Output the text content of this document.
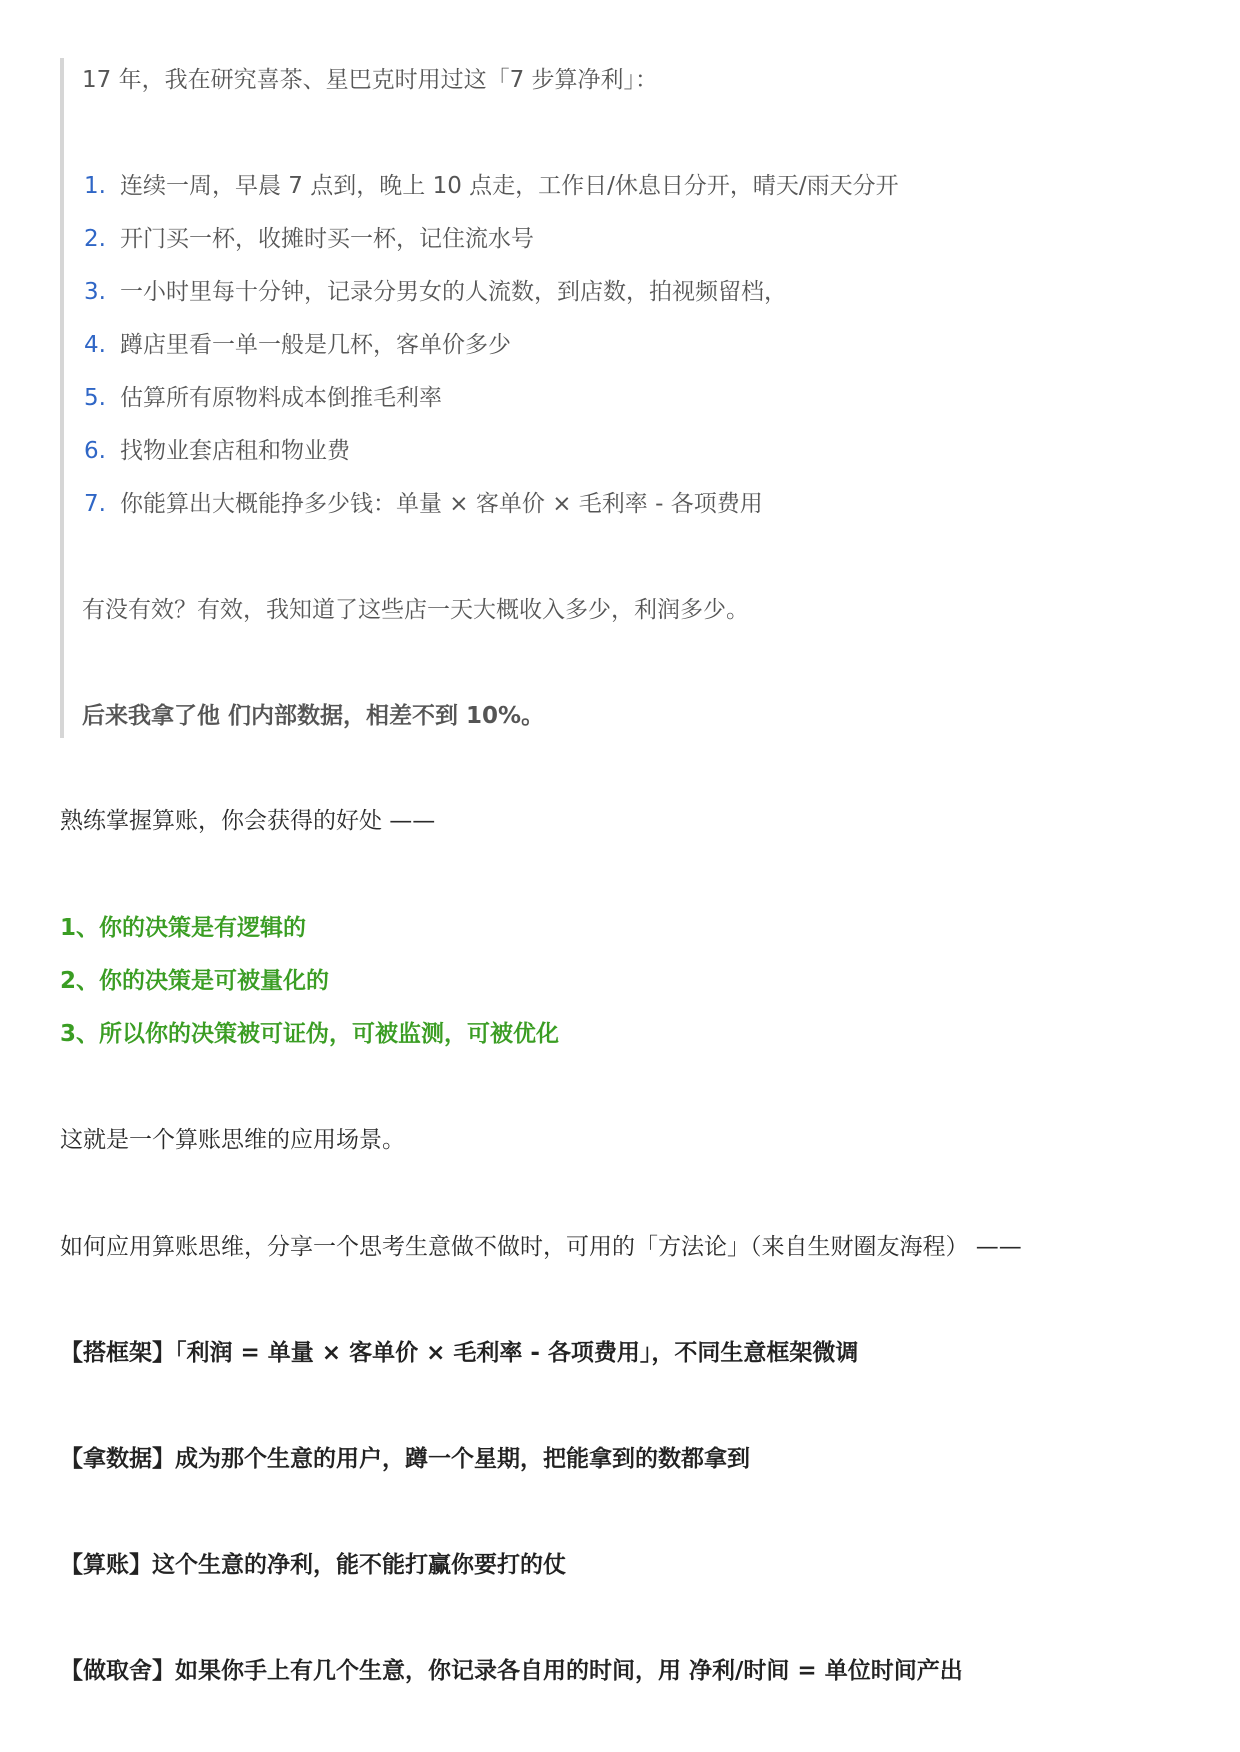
17 年，我在研究喜茶、星巴克时用过这「7 步算净利」：
1. 连续一周，早晨 7 点到，晚上 10 点走，工作日/休息日分开，晴天/雨天分开
2. 开门买一杯，收摊时买一杯，记住流水号
3. 一小时里每十分钟，记录分男女的人流数，到店数，拍视频留档，
4. 蹲店里看一单一般是几杯，客单价多少
5. 估算所有原物料成本倒推毛利率
6. 找物业套店租和物业费
7. 你能算出大概能挣多少钱：单量 × 客单价 × 毛利率 - 各项费用
有没有效？有效，我知道了这些店一天大概收入多少，利润多少。
后来我拿了他 们内部数据，相差不到 10%。
熟练掌握算账，你会获得的好处 ——
1、你的决策是有逻辑的
2、你的决策是可被量化的
3、所以你的决策被可证伪，可被监测，可被优化
这就是一个算账思维的应用场景。
如何应用算账思维，分享一个思考生意做不做时，可用的「方法论」（来自生财圈友海程） ——
【搭框架】「利润 = 单量 × 客单价 × 毛利率 - 各项费用」，不同生意框架微调
【拿数据】成为那个生意的用户，蹲一个星期，把能拿到的数都拿到
【算账】这个生意的净利，能不能打赢你要打的仗
【做取舍】如果你手上有几个生意，你记录各自用的时间，用 净利/时间 = 单位时间产出
